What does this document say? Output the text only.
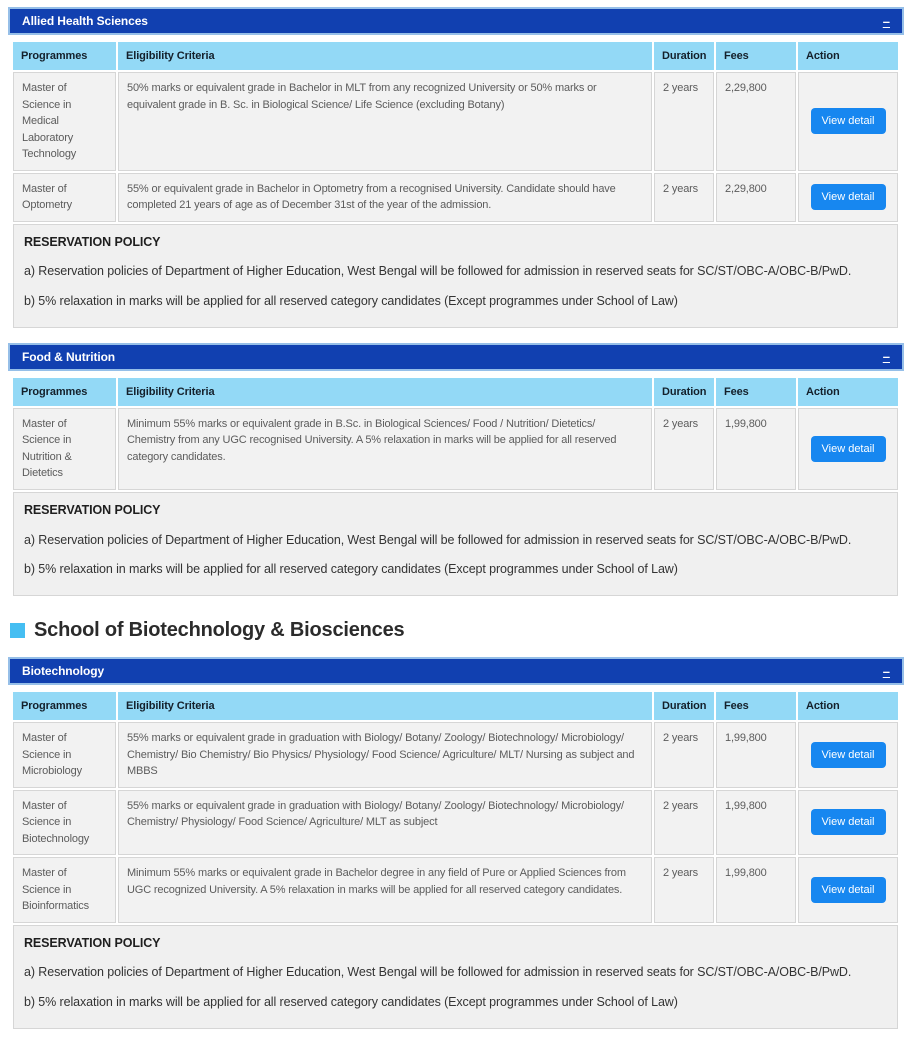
Allied Health Sciences	–
Programmes	Eligibility Criteria	Duration	Fees	Action
Master of Science in Medical Laboratory Technology	50% marks or equivalent grade in Bachelor in MLT from any recognized University or 50% marks or equivalent grade in B. Sc. in Biological Science/ Life Science (excluding Botany)	2 years	2,29,800	View detail
Master of Optometry	55% or equivalent grade in Bachelor in Optometry from a recognised University. Candidate should have completed 21 years of age as of December 31st of the year of the admission.	2 years	2,29,800	View detail

RESERVATION POLICY

a) Reservation policies of Department of Higher Education, West Bengal will be followed for admission in reserved seats for SC/ST/OBC-A/OBC-B/PwD.

b) 5% relaxation in marks will be applied for all reserved category candidates (Except programmes under School of Law)				

Food & Nutrition	–
Programmes	Eligibility Criteria	Duration	Fees	Action
Master of Science in Nutrition & Dietetics	Minimum 55% marks or equivalent grade in B.Sc. in Biological Sciences/ Food / Nutrition/ Dietetics/ Chemistry from any UGC recognised University. A 5% relaxation in marks will be applied for all reserved category candidates.	2 years	1,99,800	View detail

RESERVATION POLICY

a) Reservation policies of Department of Higher Education, West Bengal will be followed for admission in reserved seats for SC/ST/OBC-A/OBC-B/PwD.

b) 5% relaxation in marks will be applied for all reserved category candidates (Except programmes under School of Law)				

School of Biotechnology & Biosciences
Biotechnology	–
Programmes	Eligibility Criteria	Duration	Fees	Action
Master of Science in Microbiology	55% marks or equivalent grade in graduation with Biology/ Botany/ Zoology/ Biotechnology/ Microbiology/ Chemistry/ Bio Chemistry/ Bio Physics/ Physiology/ Food Science/ Agriculture/ MLT/ Nursing as subject and MBBS	2 years	1,99,800	View detail
Master of Science in Biotechnology	55% marks or equivalent grade in graduation with Biology/ Botany/ Zoology/ Biotechnology/ Microbiology/ Chemistry/ Physiology/ Food Science/ Agriculture/ MLT as subject	2 years	1,99,800	View detail
Master of Science in Bioinformatics	Minimum 55% marks or equivalent grade in Bachelor degree in any field of Pure or Applied Sciences from UGC recognized University. A 5% relaxation in marks will be applied for all reserved category candidates.	2 years	1,99,800	View detail

RESERVATION POLICY

a) Reservation policies of Department of Higher Education, West Bengal will be followed for admission in reserved seats for SC/ST/OBC-A/OBC-B/PwD.

b) 5% relaxation in marks will be applied for all reserved category candidates (Except programmes under School of Law)				
